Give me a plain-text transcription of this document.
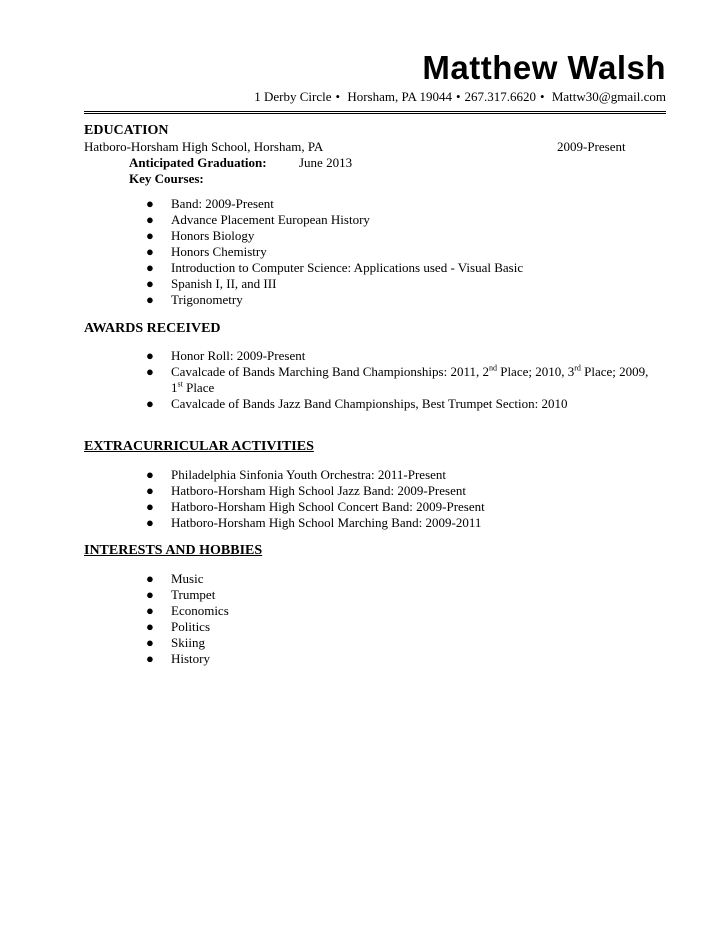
Matthew Walsh
1 Derby Circle • Horsham, PA 19044 • 267.317.6620 • Mattw30@gmail.com
EDUCATION
Hatboro-Horsham High School, Horsham, PA	2009-Present
Anticipated Graduation: June 2013
Key Courses:
● Band: 2009-Present
● Advance Placement European History
● Honors Biology
● Honors Chemistry
● Introduction to Computer Science: Applications used - Visual Basic
● Spanish I, II, and III
● Trigonometry
AWARDS RECEIVED
● Honor Roll: 2009-Present
● Cavalcade of Bands Marching Band Championships: 2011, 2nd Place; 2010, 3rd Place; 2009,
1st Place
● Cavalcade of Bands Jazz Band Championships, Best Trumpet Section: 2010
EXTRACURRICULAR ACTIVITIES
● Philadelphia Sinfonia Youth Orchestra: 2011-Present
● Hatboro-Horsham High School Jazz Band: 2009-Present
● Hatboro-Horsham High School Concert Band: 2009-Present
● Hatboro-Horsham High School Marching Band: 2009-2011
INTERESTS AND HOBBIES
● Music
● Trumpet
● Economics
● Politics
● Skiing
● History
